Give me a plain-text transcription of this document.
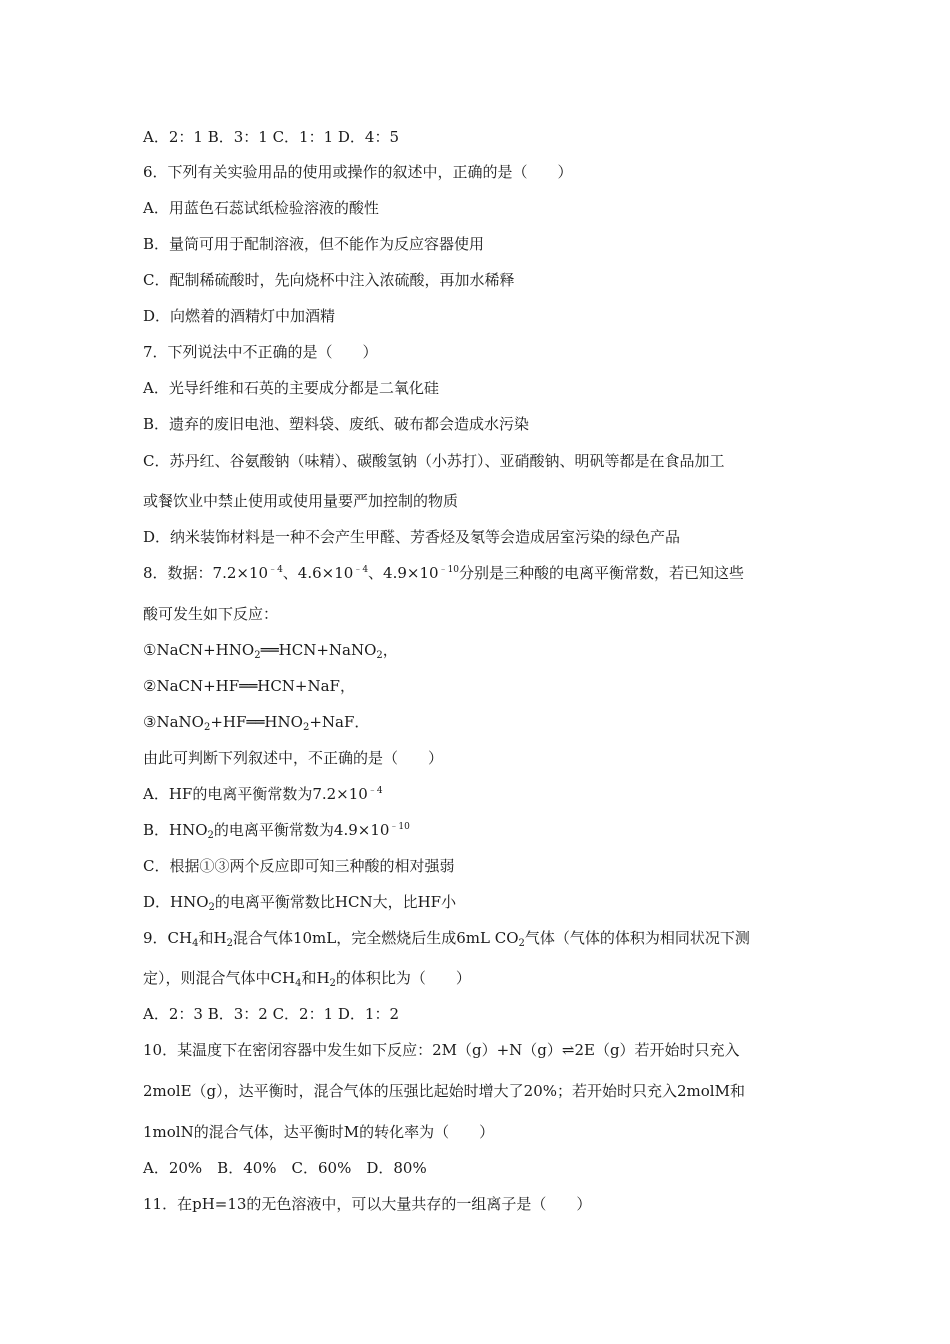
A．2：1 B．3：1 C．1：1 D．4：5
6．下列有关实验用品的使用或操作的叙述中，正确的是（　　）
A．用蓝色石蕊试纸检验溶液的酸性
B．量筒可用于配制溶液，但不能作为反应容器使用
C．配制稀硫酸时，先向烧杯中注入浓硫酸，再加水稀释
D．向燃着的酒精灯中加酒精
7．下列说法中不正确的是（　　）
A．光导纤维和石英的主要成分都是二氧化硅
B．遗弃的废旧电池、塑料袋、废纸、破布都会造成水污染
C．苏丹红、谷氨酸钠（味精）、碳酸氢钠（小苏打）、亚硝酸钠、明矾等都是在食品加工
或餐饮业中禁止使用或使用量要严加控制的物质
D．纳米装饰材料是一种不会产生甲醛、芳香烃及氡等会造成居室污染的绿色产品
8．数据：$7.2\times 10^{﹣4}$、$4.6\times 10^{﹣4}$、$4.9\times 10^{﹣10}$分别是三种酸的电离平衡常数，若已知这些
酸可发生如下反应：
$①NaCN+HNO_2══HCN+NaNO_2$，
②NaCN+HF══HCN+NaF，
$③NaNO_2+HF══HNO_2+NaF$．
由此可判断下列叙述中，不正确的是（　　）
A．HF的电离平衡常数为$7.2\times 10^{﹣4}$
B．$HNO_2$的电离平衡常数为$4.9\times 10^{﹣10}$
C．根据①③两个反应即可知三种酸的相对强弱
D．$HNO_2$的电离平衡常数比HCN大，比HF小
9．$CH_4$和$H_2$混合气体10mL，完全燃烧后生成6mL $CO_2$气体（气体的体积为相同状况下测
定），则混合气体中$CH_4$和$H_2$的体积比为（　　）
A．2：3 B．3：2 C．2：1 D．1：2
10．某温度下在密闭容器中发生如下反应：2M（g）+N（g）⇌2E（g）若开始时只充入
2molE（g），达平衡时，混合气体的压强比起始时增大了20%；若开始时只充入2molM和
1molN的混合气体，达平衡时M的转化率为（　　）
A．20%　B．40%　C．60%　D．80%
11．在pH=13的无色溶液中，可以大量共存的一组离子是（　　）
